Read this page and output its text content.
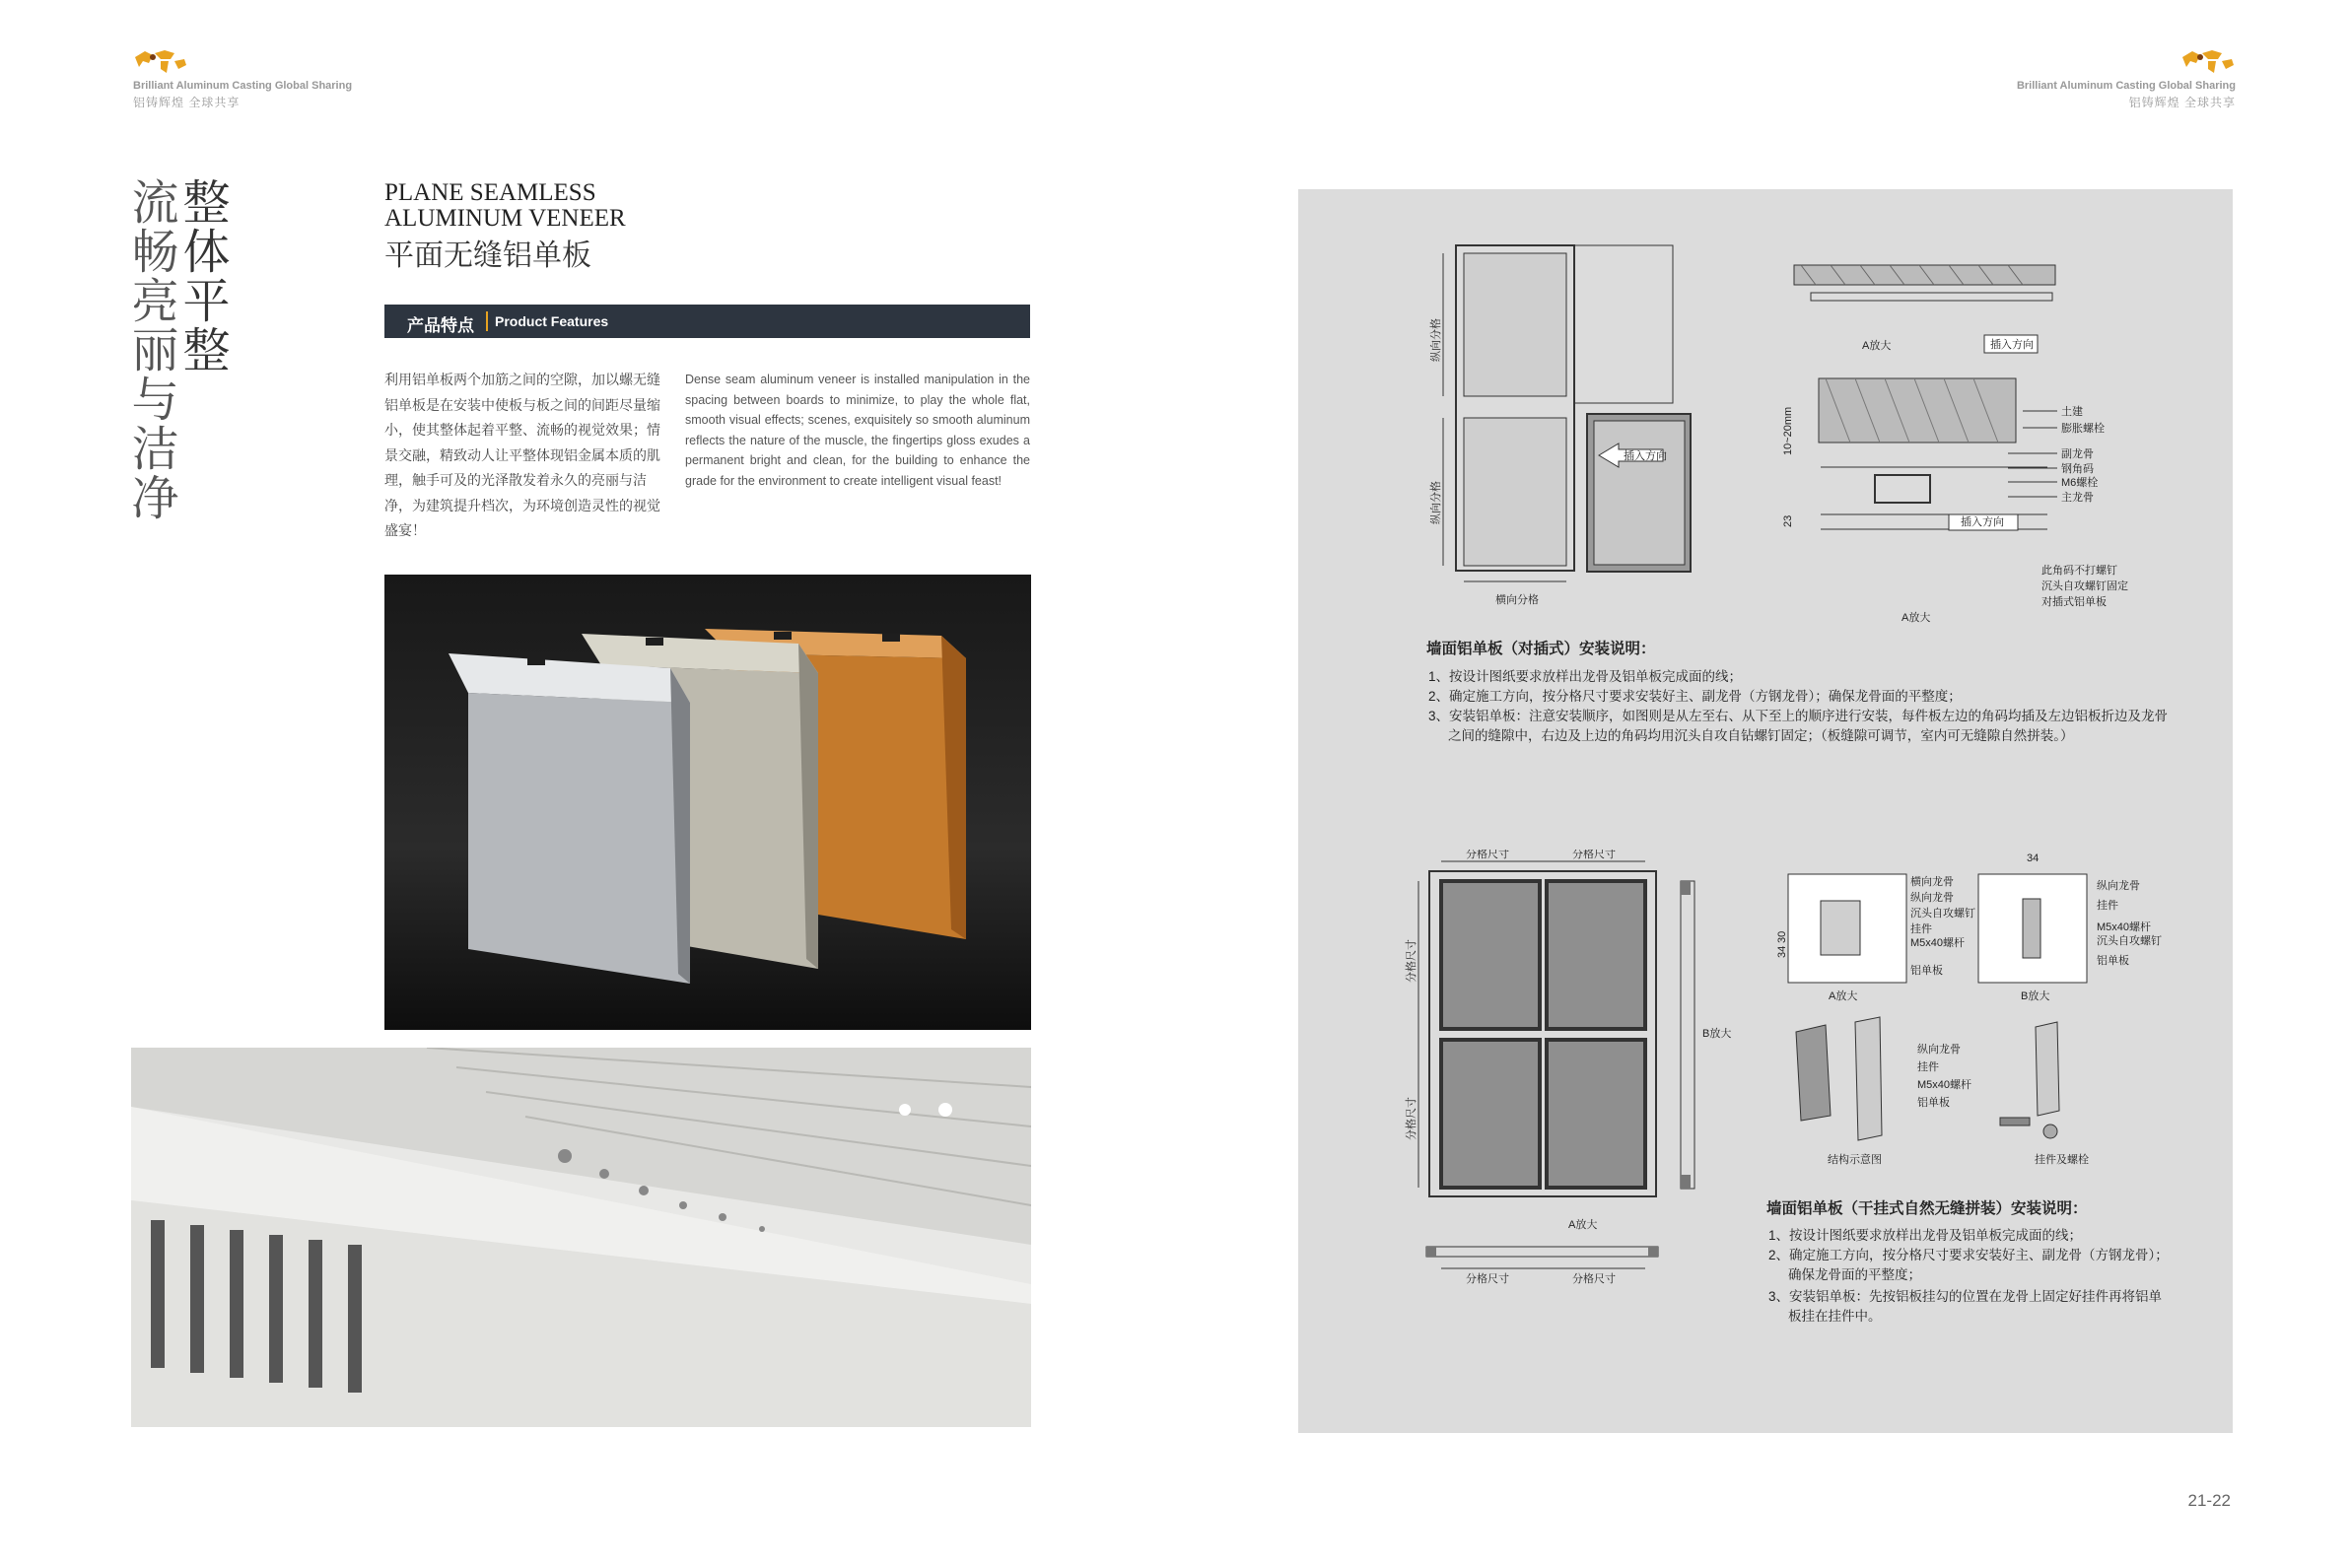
Brilliant Aluminum Casting Global Sharing
铝铸辉煌 全球共享
Brilliant Aluminum Casting Global Sharing
铝铸辉煌 全球共享
整体平整
流畅亮丽与洁净	PLANE SEAMLESS
ALUMINUM VENEER
平面无缝铝单板
产品特点 Product Features
利用铝单板两个加筋之间的空隙，加以螺无缝铝单板是在安装中使板与板之间的间距尽量缩小，使其整体起着平整、流畅的视觉效果；情景交融，精致动人让平整体现铝金属本质的肌理，触手可及的光泽散发着永久的亮丽与洁净，为建筑提升档次，为环境创造灵性的视觉盛宴！
Dense seam aluminum veneer is installed manipulation in the spacing between boards to minimize, to play the whole flat, smooth visual effects; scenes, exquisitely so smooth aluminum reflects the nature of the muscle, the fingertips gloss exudes a permanent bright and clean, for the building to enhance the grade for the environment to create intelligent visual feast!
插入方向
纵向分格
纵向分格
横向分格
A放大	插入方向
A放大
10~20mm
23	插入方向
土建
膨胀螺栓
副龙骨
钢角码
M6螺栓
主龙骨
此角码不打螺钉
沉头自攻螺钉固定
对插式铝单板
墙面铝单板（对插式）安装说明：
1、按设计图纸要求放样出龙骨及铝单板完成面的线；
2、确定施工方向，按分格尺寸要求安装好主、副龙骨（方钢龙骨）；确保龙骨面的平整度；
3、安装铝单板：注意安装顺序，如图则是从左至右、从下至上的顺序进行安装，每件板左边的角码均插及左边铝板折边及龙骨
之间的缝隙中，右边及上边的角码均用沉头自攻自钻螺钉固定；（板缝隙可调节，室内可无缝隙自然拼装。）
分格尺寸	分格尺寸
分格尺寸
分格尺寸
B放大
A放大
横向龙骨
纵向龙骨
沉头自攻螺钉
挂件
M5x40螺杆
铝单板
34
30
34
B放大
纵向龙骨
挂件
M5x40螺杆
沉头自攻螺钉
铝单板
纵向龙骨
挂件
M5x40螺杆
铝单板
结构示意图	挂件及螺栓
A放大
分格尺寸	分格尺寸
墙面铝单板（干挂式自然无缝拼装）安装说明：
1、按设计图纸要求放样出龙骨及铝单板完成面的线；
2、确定施工方向，按分格尺寸要求安装好主、副龙骨（方钢龙骨）；
确保龙骨面的平整度；
3、安装铝单板：先按铝板挂勾的位置在龙骨上固定好挂件再将铝单
板挂在挂件中。
21-22
